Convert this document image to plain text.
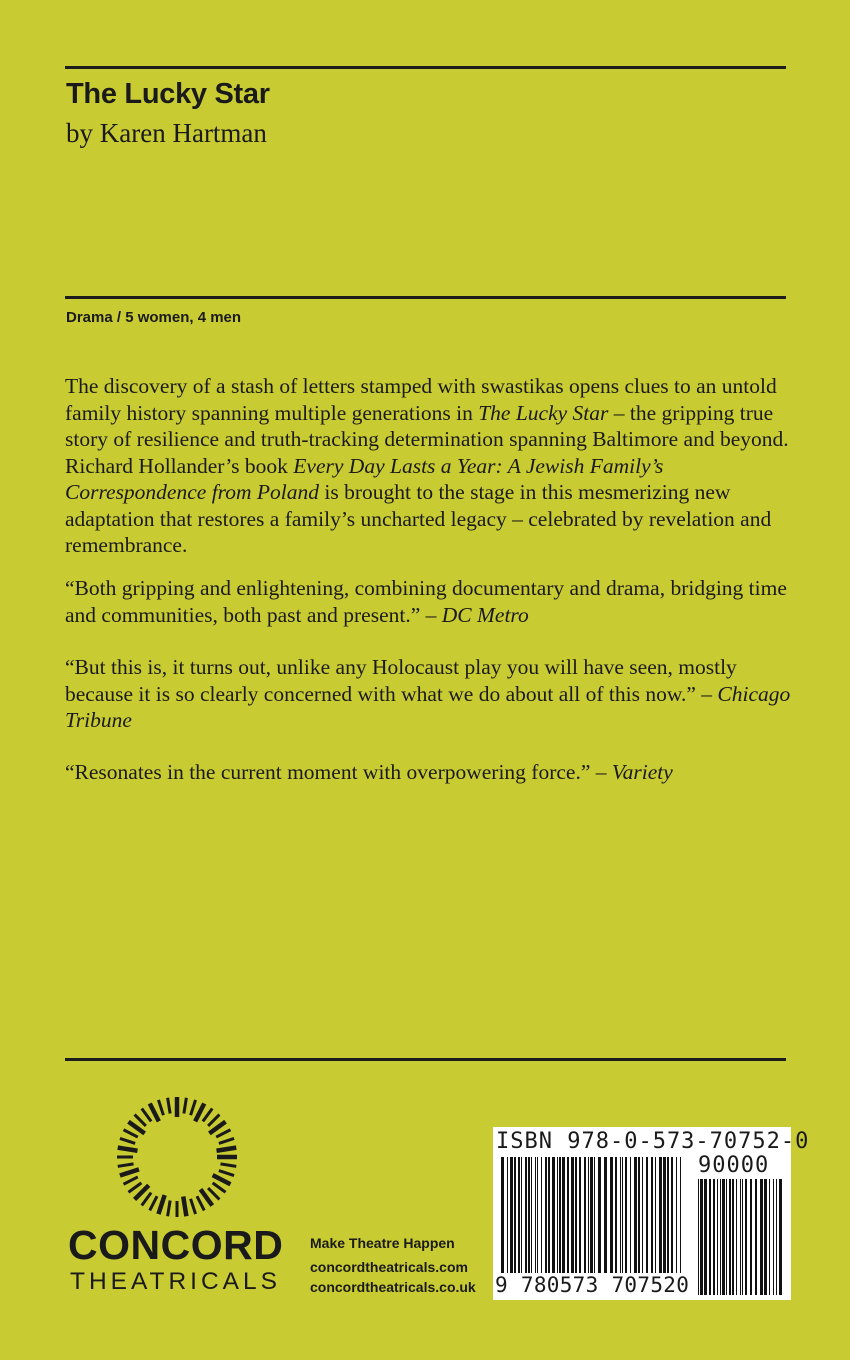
The Lucky Star
by Karen Hartman
Drama / 5 women, 4 men
The discovery of a stash of letters stamped with swastikas opens clues to an untold family history spanning multiple generations in The Lucky Star – the gripping true story of resilience and truth-tracking determination spanning Baltimore and beyond. Richard Hollander’s book Every Day Lasts a Year: A Jewish Family’s Correspondence from Poland is brought to the stage in this mesmerizing new adaptation that restores a family’s uncharted legacy – celebrated by revelation and remembrance.
“Both gripping and enlightening, combining documentary and drama, bridging time and communities, both past and present.” – DC Metro
“But this is, it turns out, unlike any Holocaust play you will have seen, mostly because it is so clearly concerned with what we do about all of this now.” – Chicago Tribune
“Resonates in the current moment with overpowering force.” – Variety
CONCORD
THEATRICALS
Make Theatre Happen
concordtheatricals.com
concordtheatricals.co.uk
ISBN 978-0-573-70752-0
90000
9 780573 707520
